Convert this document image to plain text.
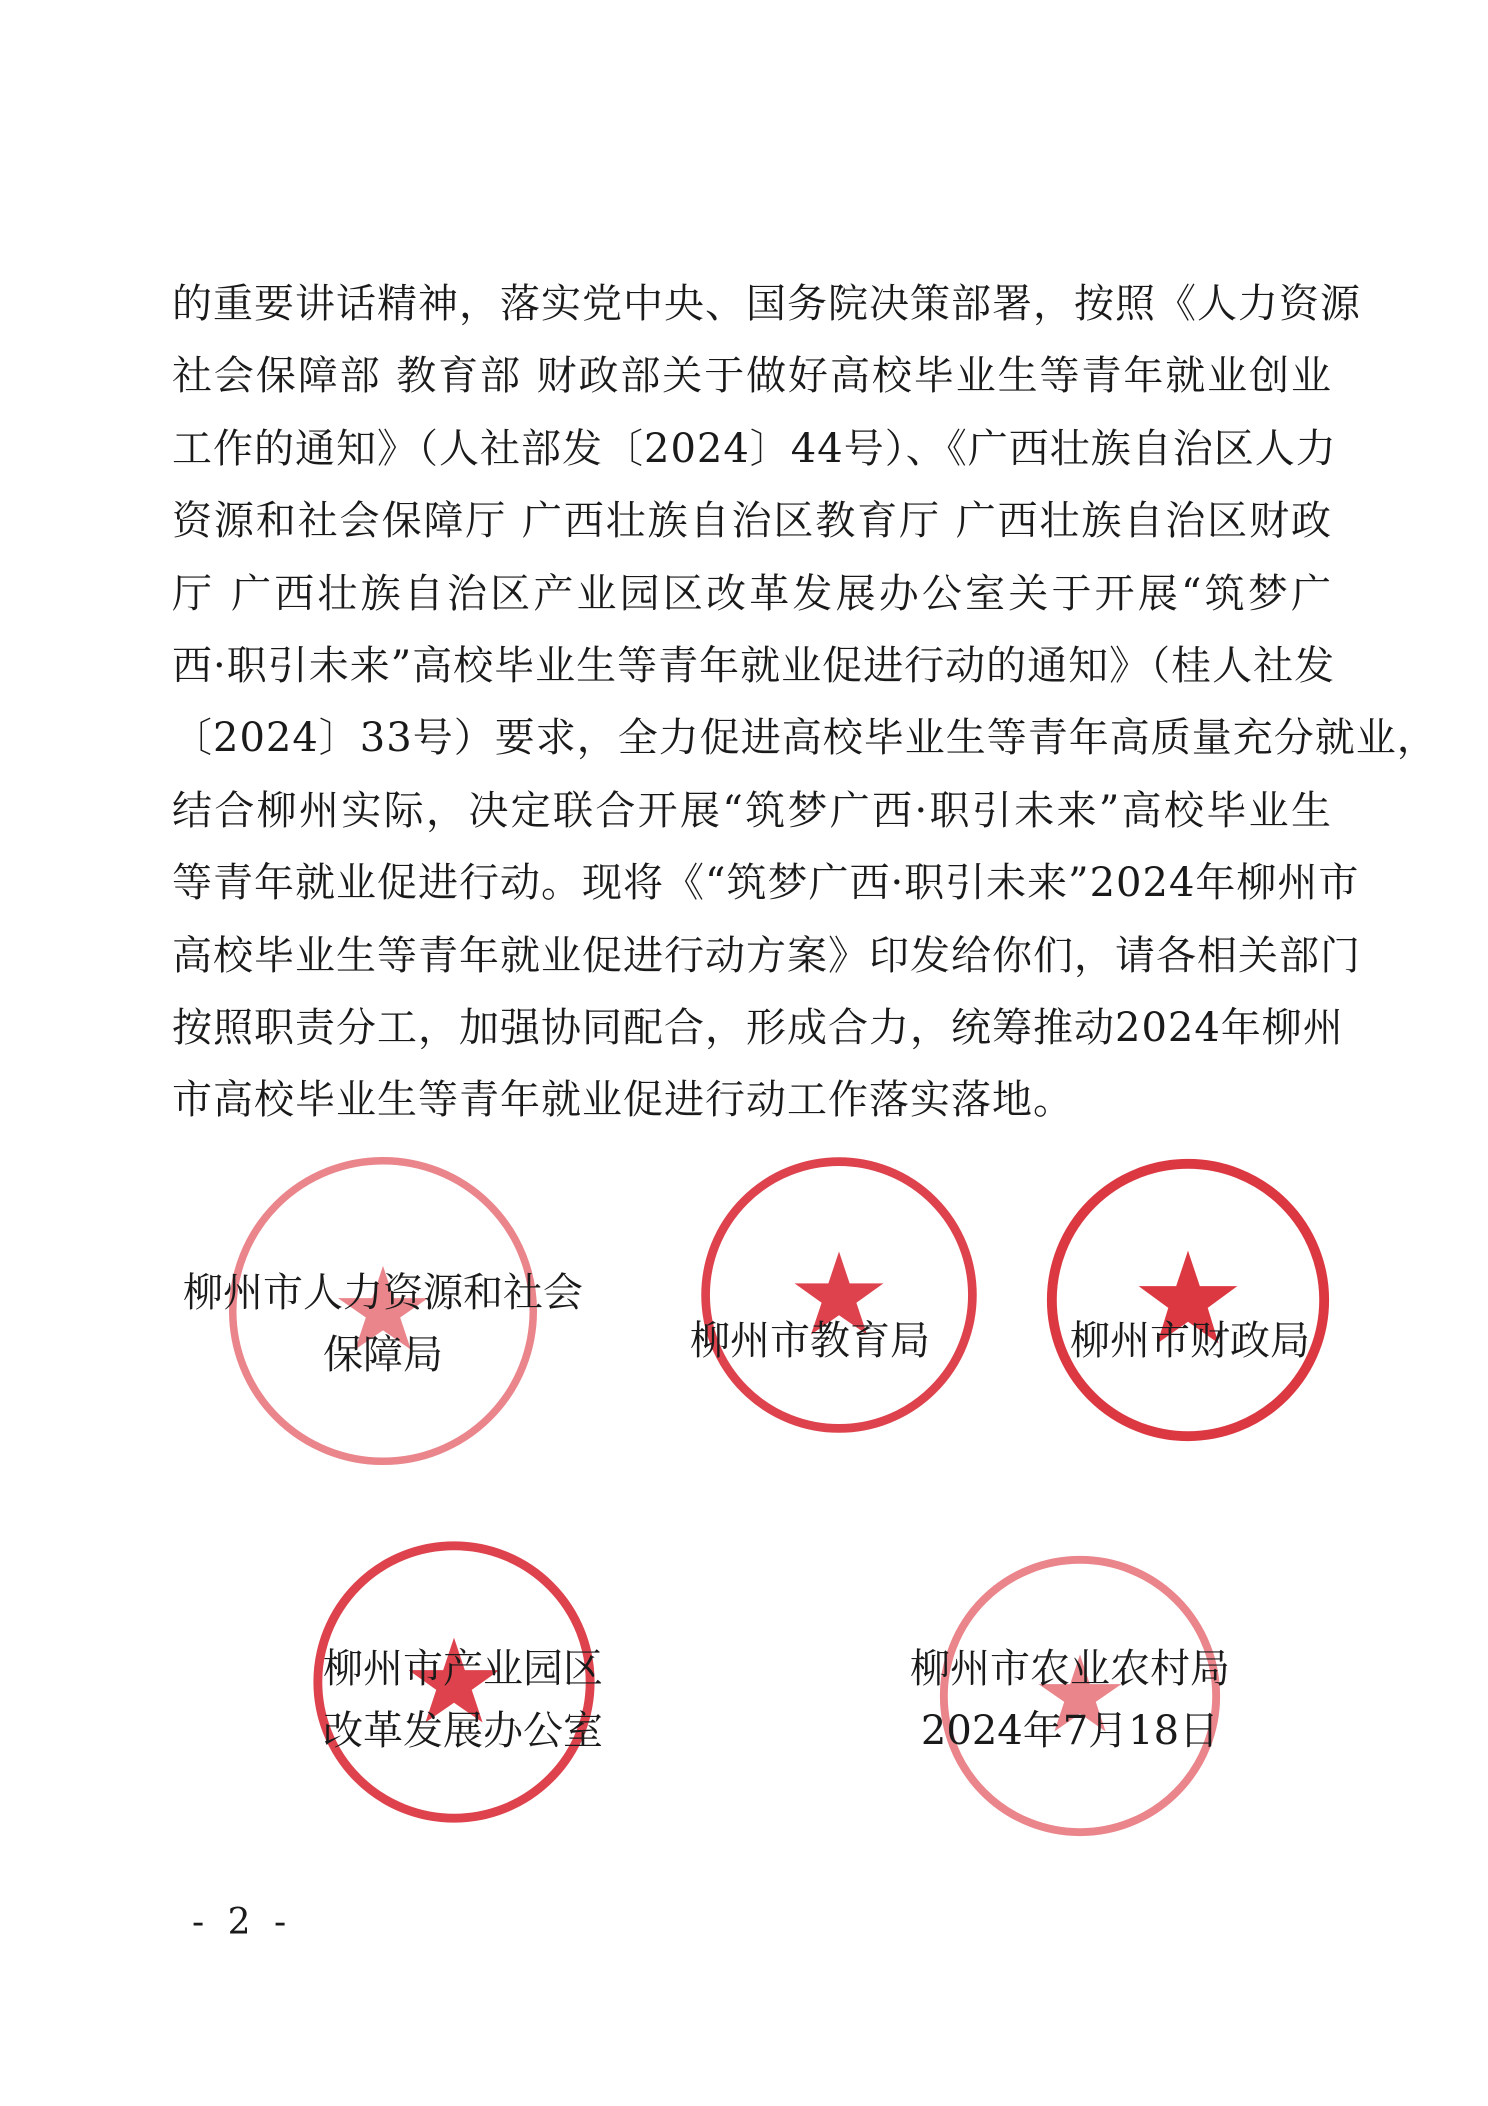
的重要讲话精神，落实党中央、国务院决策部署，按照《人力资源
社会保障部 教育部 财政部关于做好高校毕业生等青年就业创业
工作的通知》（人社部发〔2024〕44号）、《广西壮族自治区人力
资源和社会保障厅 广西壮族自治区教育厅 广西壮族自治区财政
厅 广西壮族自治区产业园区改革发展办公室关于开展“筑梦广
西·职引未来”高校毕业生等青年就业促进行动的通知》（桂人社发
〔2024〕33号）要求，全力促进高校毕业生等青年高质量充分就业，
结合柳州实际，决定联合开展“筑梦广西·职引未来”高校毕业生
等青年就业促进行动。现将《“筑梦广西·职引未来”2024年柳州市
高校毕业生等青年就业促进行动方案》印发给你们，请各相关部门
按照职责分工，加强协同配合，形成合力，统筹推动2024年柳州
市高校毕业生等青年就业促进行动工作落实落地。
柳州市人力资源和社会
保障局	柳州市教育局	柳州市财政局
柳州市产业园区
改革发展办公室
柳州市农业农村局
2024年7月18日
- 2 -
